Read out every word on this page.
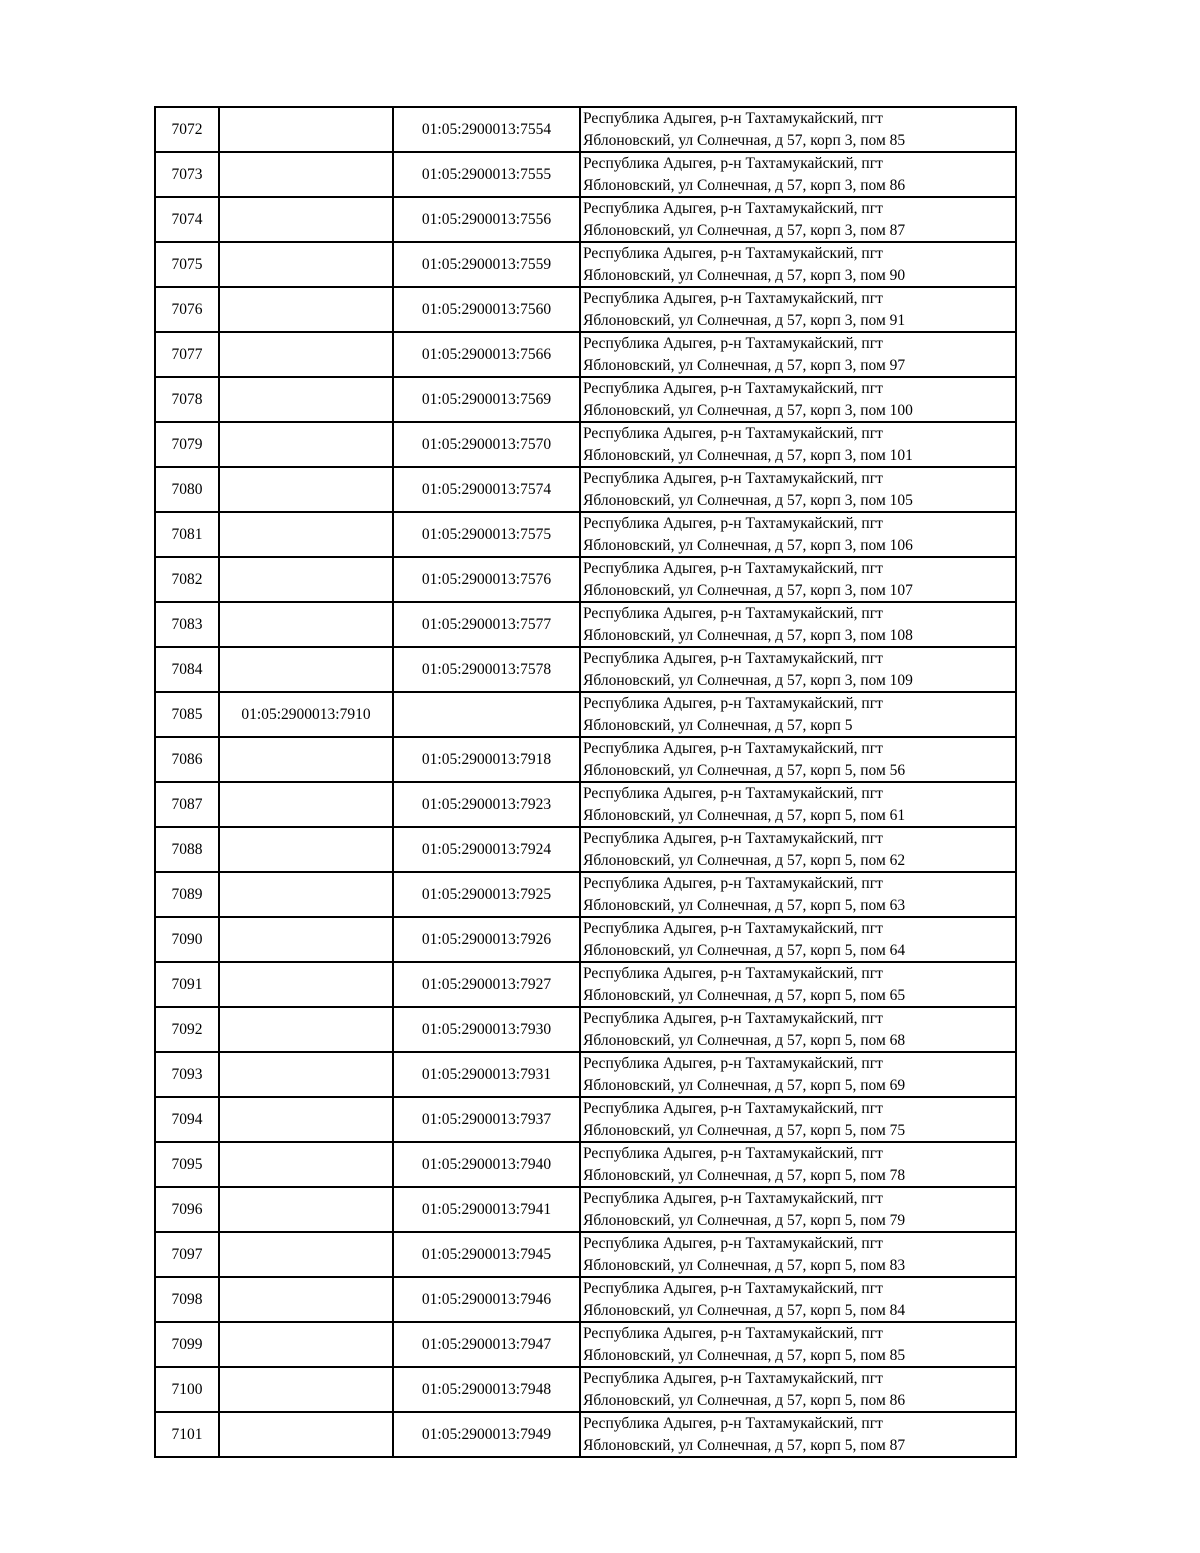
7072		01:05:2900013:7554	Республика Адыгея, р-н Тахтамукайский, пгт
Яблоновский, ул Солнечная, д 57, корп 3, пом 85

7073		01:05:2900013:7555	Республика Адыгея, р-н Тахтамукайский, пгт
Яблоновский, ул Солнечная, д 57, корп 3, пом 86

7074		01:05:2900013:7556	Республика Адыгея, р-н Тахтамукайский, пгт
Яблоновский, ул Солнечная, д 57, корп 3, пом 87

7075		01:05:2900013:7559	Республика Адыгея, р-н Тахтамукайский, пгт
Яблоновский, ул Солнечная, д 57, корп 3, пом 90

7076		01:05:2900013:7560	Республика Адыгея, р-н Тахтамукайский, пгт
Яблоновский, ул Солнечная, д 57, корп 3, пом 91

7077		01:05:2900013:7566	Республика Адыгея, р-н Тахтамукайский, пгт
Яблоновский, ул Солнечная, д 57, корп 3, пом 97

7078		01:05:2900013:7569	Республика Адыгея, р-н Тахтамукайский, пгт
Яблоновский, ул Солнечная, д 57, корп 3, пом 100

7079		01:05:2900013:7570	Республика Адыгея, р-н Тахтамукайский, пгт
Яблоновский, ул Солнечная, д 57, корп 3, пом 101

7080		01:05:2900013:7574	Республика Адыгея, р-н Тахтамукайский, пгт
Яблоновский, ул Солнечная, д 57, корп 3, пом 105

7081		01:05:2900013:7575	Республика Адыгея, р-н Тахтамукайский, пгт
Яблоновский, ул Солнечная, д 57, корп 3, пом 106

7082		01:05:2900013:7576	Республика Адыгея, р-н Тахтамукайский, пгт
Яблоновский, ул Солнечная, д 57, корп 3, пом 107

7083		01:05:2900013:7577	Республика Адыгея, р-н Тахтамукайский, пгт
Яблоновский, ул Солнечная, д 57, корп 3, пом 108

7084		01:05:2900013:7578	Республика Адыгея, р-н Тахтамукайский, пгт
Яблоновский, ул Солнечная, д 57, корп 3, пом 109

7085	01:05:2900013:7910		Республика Адыгея, р-н Тахтамукайский, пгт
Яблоновский, ул Солнечная, д 57, корп 5

7086		01:05:2900013:7918	Республика Адыгея, р-н Тахтамукайский, пгт
Яблоновский, ул Солнечная, д 57, корп 5, пом 56

7087		01:05:2900013:7923	Республика Адыгея, р-н Тахтамукайский, пгт
Яблоновский, ул Солнечная, д 57, корп 5, пом 61

7088		01:05:2900013:7924	Республика Адыгея, р-н Тахтамукайский, пгт
Яблоновский, ул Солнечная, д 57, корп 5, пом 62

7089		01:05:2900013:7925	Республика Адыгея, р-н Тахтамукайский, пгт
Яблоновский, ул Солнечная, д 57, корп 5, пом 63

7090		01:05:2900013:7926	Республика Адыгея, р-н Тахтамукайский, пгт
Яблоновский, ул Солнечная, д 57, корп 5, пом 64

7091		01:05:2900013:7927	Республика Адыгея, р-н Тахтамукайский, пгт
Яблоновский, ул Солнечная, д 57, корп 5, пом 65

7092		01:05:2900013:7930	Республика Адыгея, р-н Тахтамукайский, пгт
Яблоновский, ул Солнечная, д 57, корп 5, пом 68

7093		01:05:2900013:7931	Республика Адыгея, р-н Тахтамукайский, пгт
Яблоновский, ул Солнечная, д 57, корп 5, пом 69

7094		01:05:2900013:7937	Республика Адыгея, р-н Тахтамукайский, пгт
Яблоновский, ул Солнечная, д 57, корп 5, пом 75

7095		01:05:2900013:7940	Республика Адыгея, р-н Тахтамукайский, пгт
Яблоновский, ул Солнечная, д 57, корп 5, пом 78

7096		01:05:2900013:7941	Республика Адыгея, р-н Тахтамукайский, пгт
Яблоновский, ул Солнечная, д 57, корп 5, пом 79

7097		01:05:2900013:7945	Республика Адыгея, р-н Тахтамукайский, пгт
Яблоновский, ул Солнечная, д 57, корп 5, пом 83

7098		01:05:2900013:7946	Республика Адыгея, р-н Тахтамукайский, пгт
Яблоновский, ул Солнечная, д 57, корп 5, пом 84

7099		01:05:2900013:7947	Республика Адыгея, р-н Тахтамукайский, пгт
Яблоновский, ул Солнечная, д 57, корп 5, пом 85

7100		01:05:2900013:7948	Республика Адыгея, р-н Тахтамукайский, пгт
Яблоновский, ул Солнечная, д 57, корп 5, пом 86

7101		01:05:2900013:7949	Республика Адыгея, р-н Тахтамукайский, пгт
Яблоновский, ул Солнечная, д 57, корп 5, пом 87
